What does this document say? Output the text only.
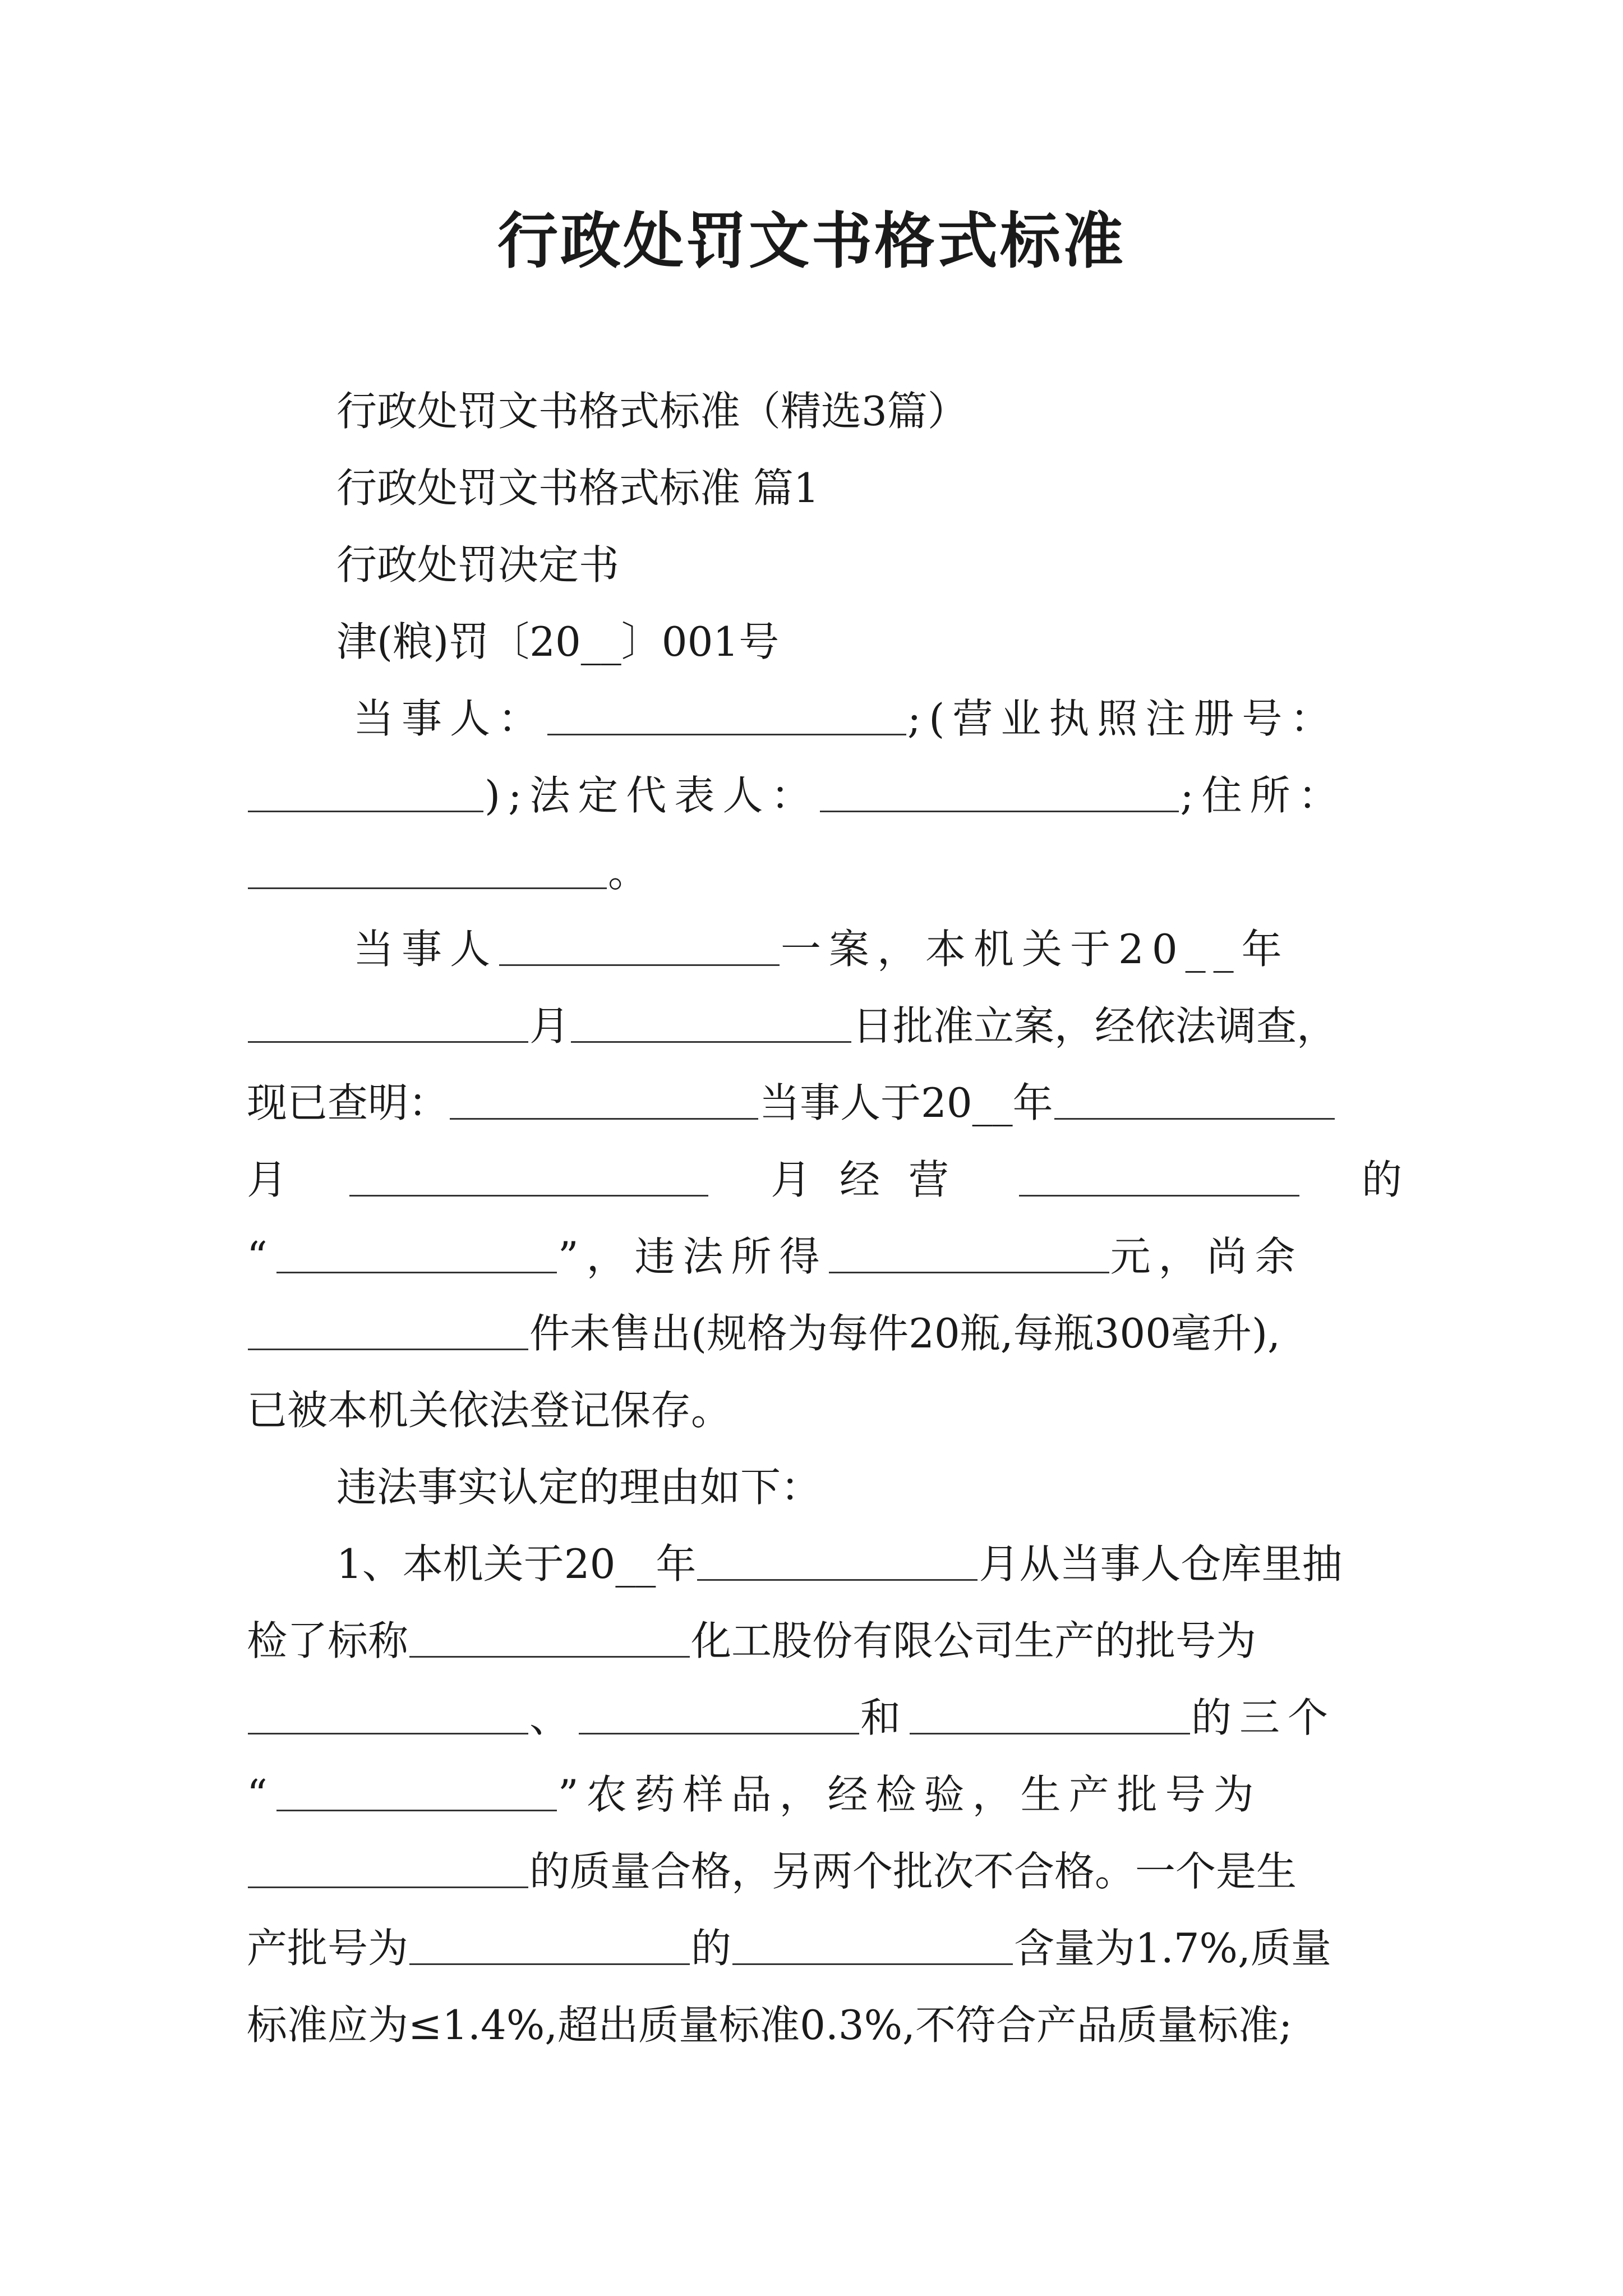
行政处罚文书格式标准
行政处罚文书格式标准（精选3篇）
行政处罚文书格式标准 篇1
行政处罚决定书
津(粮)罚〔20__〕001号
当事人：	;(营业执照注册号：
);法定代表人：	;住所：
。
当事人	一案，本机关于20__年
月	日批准立案，经依法调查，
现已查明：	当事人于20__年
月	月 经 营	的
“	”，违法所得	元，尚余
件未售出(规格为每件20瓶,每瓶300毫升),
已被本机关依法登记保存。
违法事实认定的理由如下：
1、本机关于20__年	月从当事人仓库里抽
检了标称	化工股份有限公司生产的批号为
、	和	的三个
“	”农药样品，经检验，生产批号为
的质量合格，另两个批次不合格。一个是生
产批号为	的	含量为1.7%,质量
标准应为≤1.4%,超出质量标准0.3%,不符合产品质量标准;
